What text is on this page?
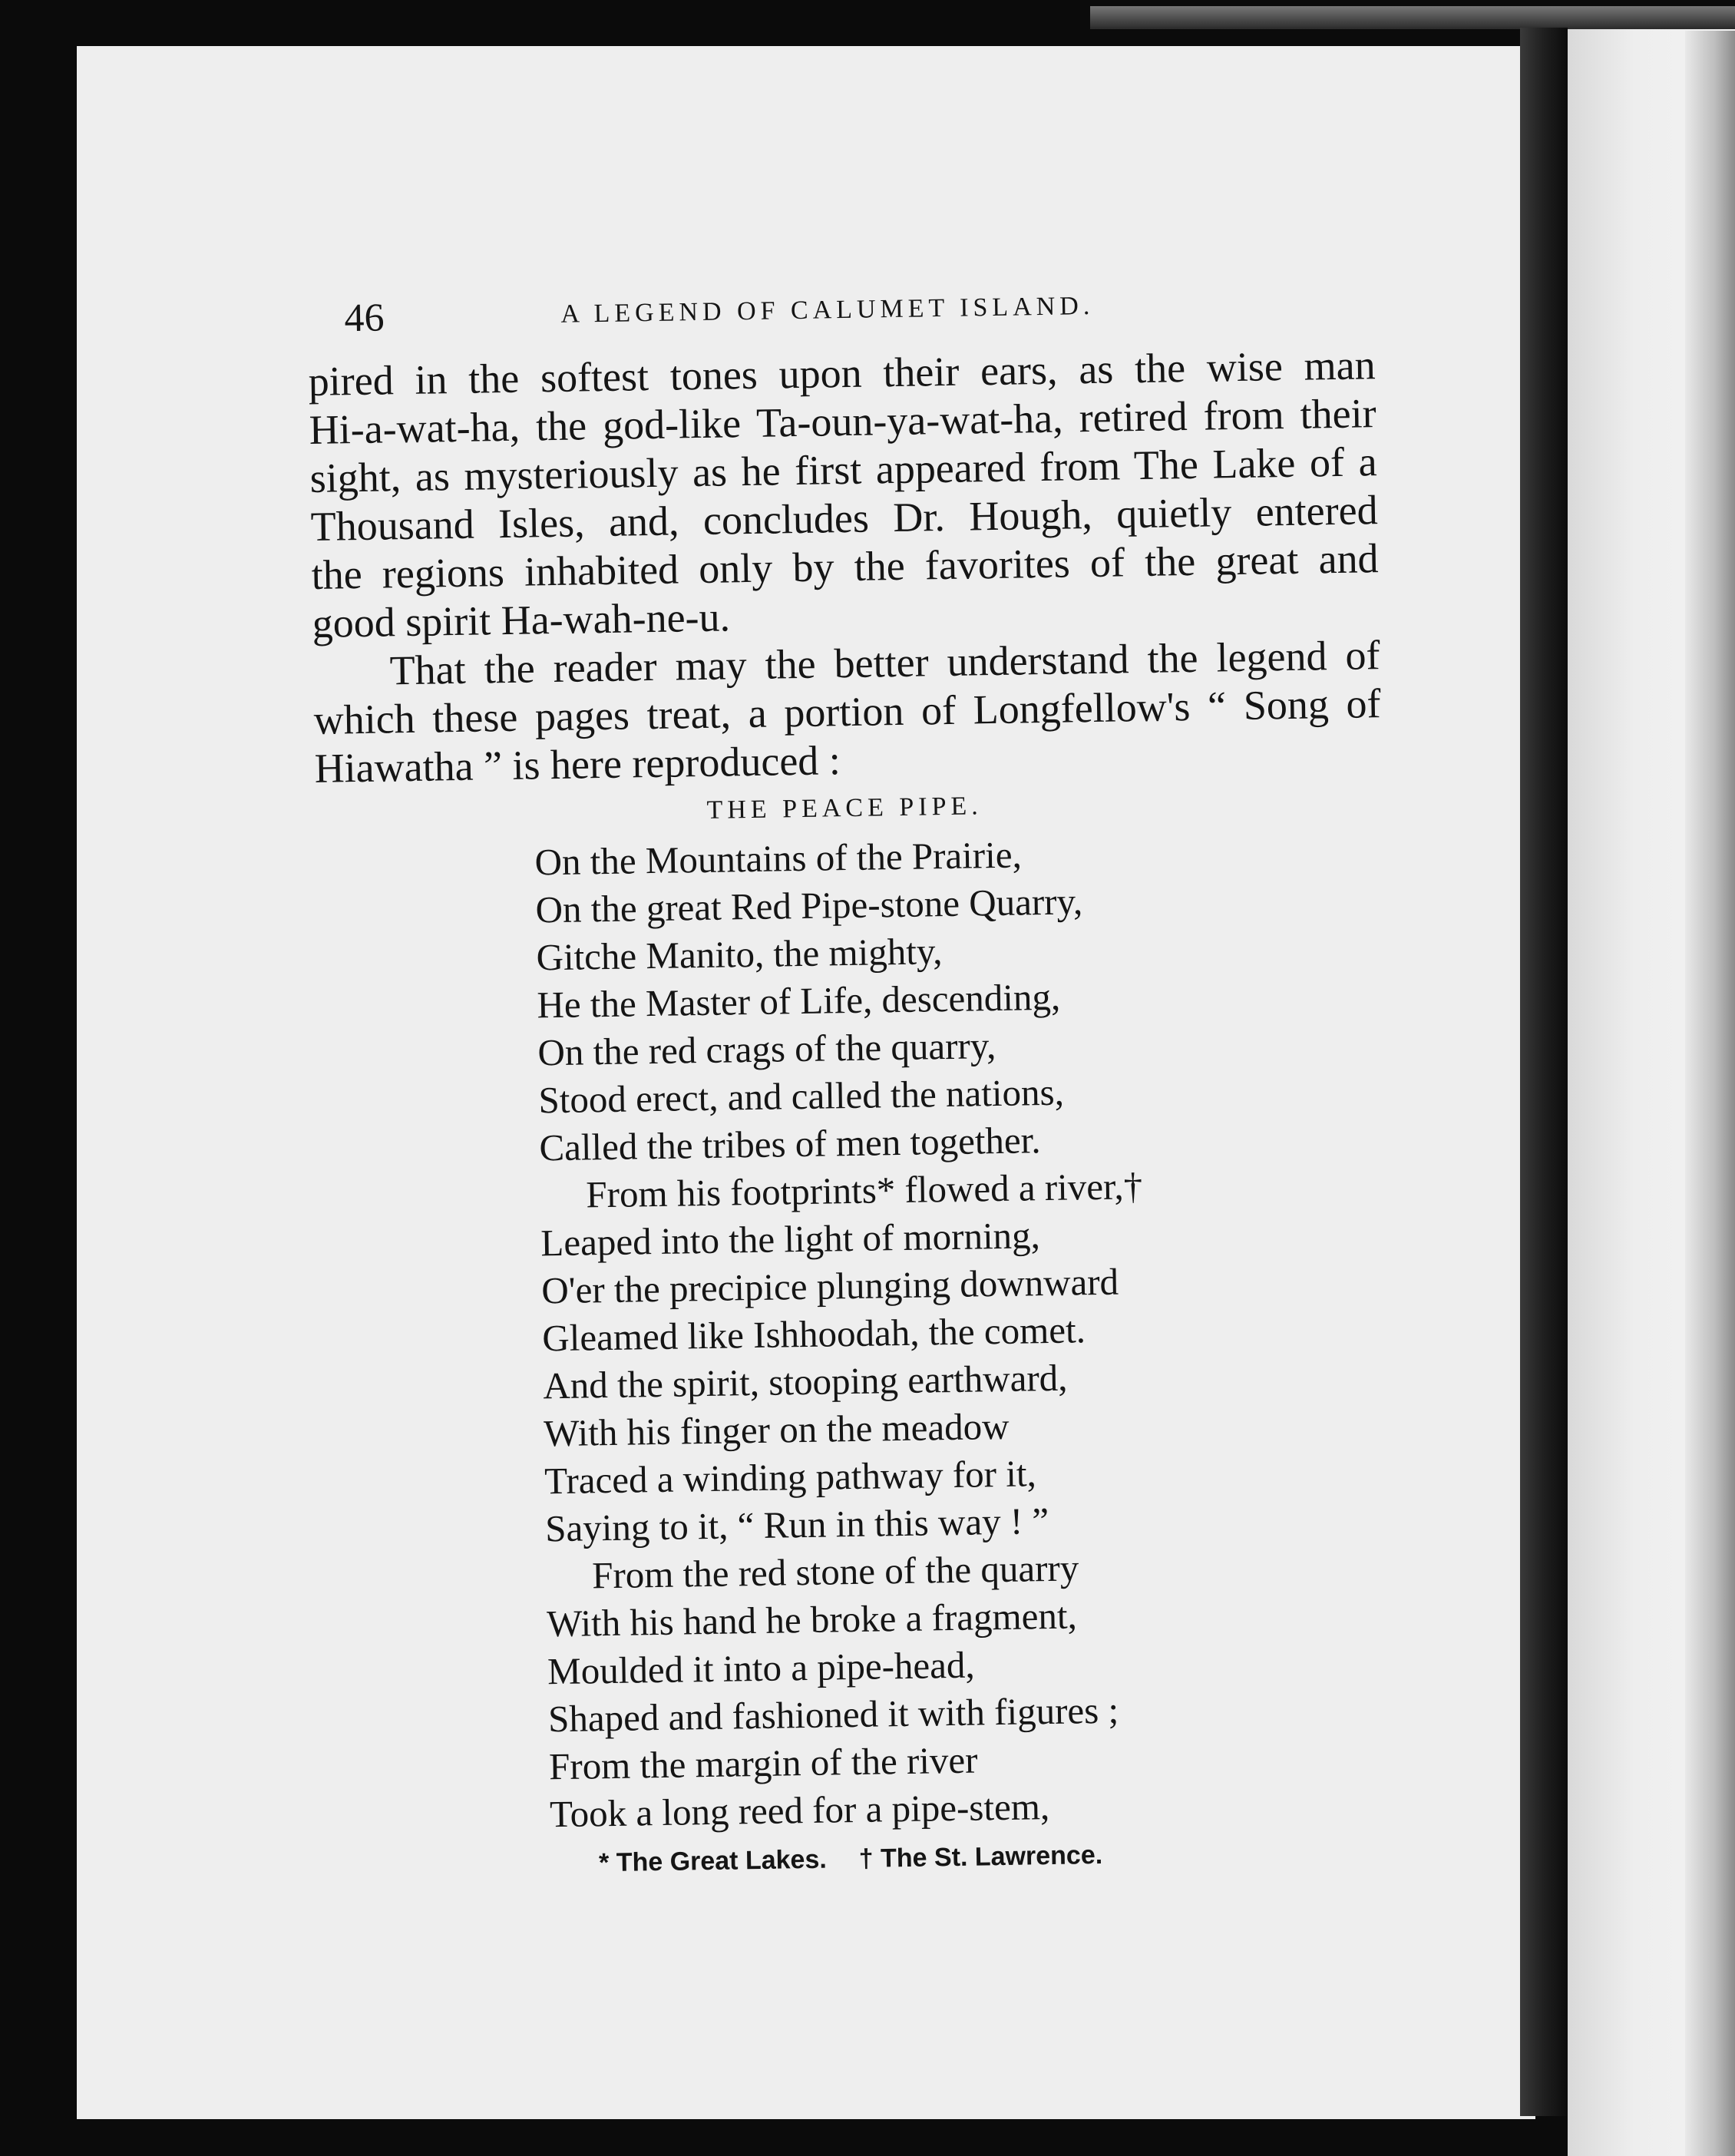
46	A LEGEND OF CALUMET ISLAND.

pired in the softest tones upon their ears, as the wise man
Hi-a-wat-ha, the god-like Ta-oun-ya-wat-ha, retired from their
sight, as mysteriously as he first appeared from The Lake of a
Thousand Isles, and, concludes Dr. Hough, quietly entered
the regions inhabited only by the favorites of the great and
good spirit Ha-wah-ne-u.

That the reader may the better understand the legend of
which these pages treat, a portion of Longfellow's “ Song of
Hiawatha ” is here reproduced :

THE PEACE PIPE.
On the Mountains of the Prairie,
On the great Red Pipe-stone Quarry,
Gitche Manito, the mighty,
He the Master of Life, descending,
On the red crags of the quarry,
Stood erect, and called the nations,
Called the tribes of men together.
From his footprints* flowed a river,†
Leaped into the light of morning,
O'er the precipice plunging downward
Gleamed like Ishhoodah, the comet.
And the spirit, stooping earthward,
With his finger on the meadow
Traced a winding pathway for it,
Saying to it, “ Run in this way ! ”
From the red stone of the quarry
With his hand he broke a fragment,
Moulded it into a pipe-head,
Shaped and fashioned it with figures ;
From the margin of the river
Took a long reed for a pipe-stem,
* The Great Lakes. † The St. Lawrence.
